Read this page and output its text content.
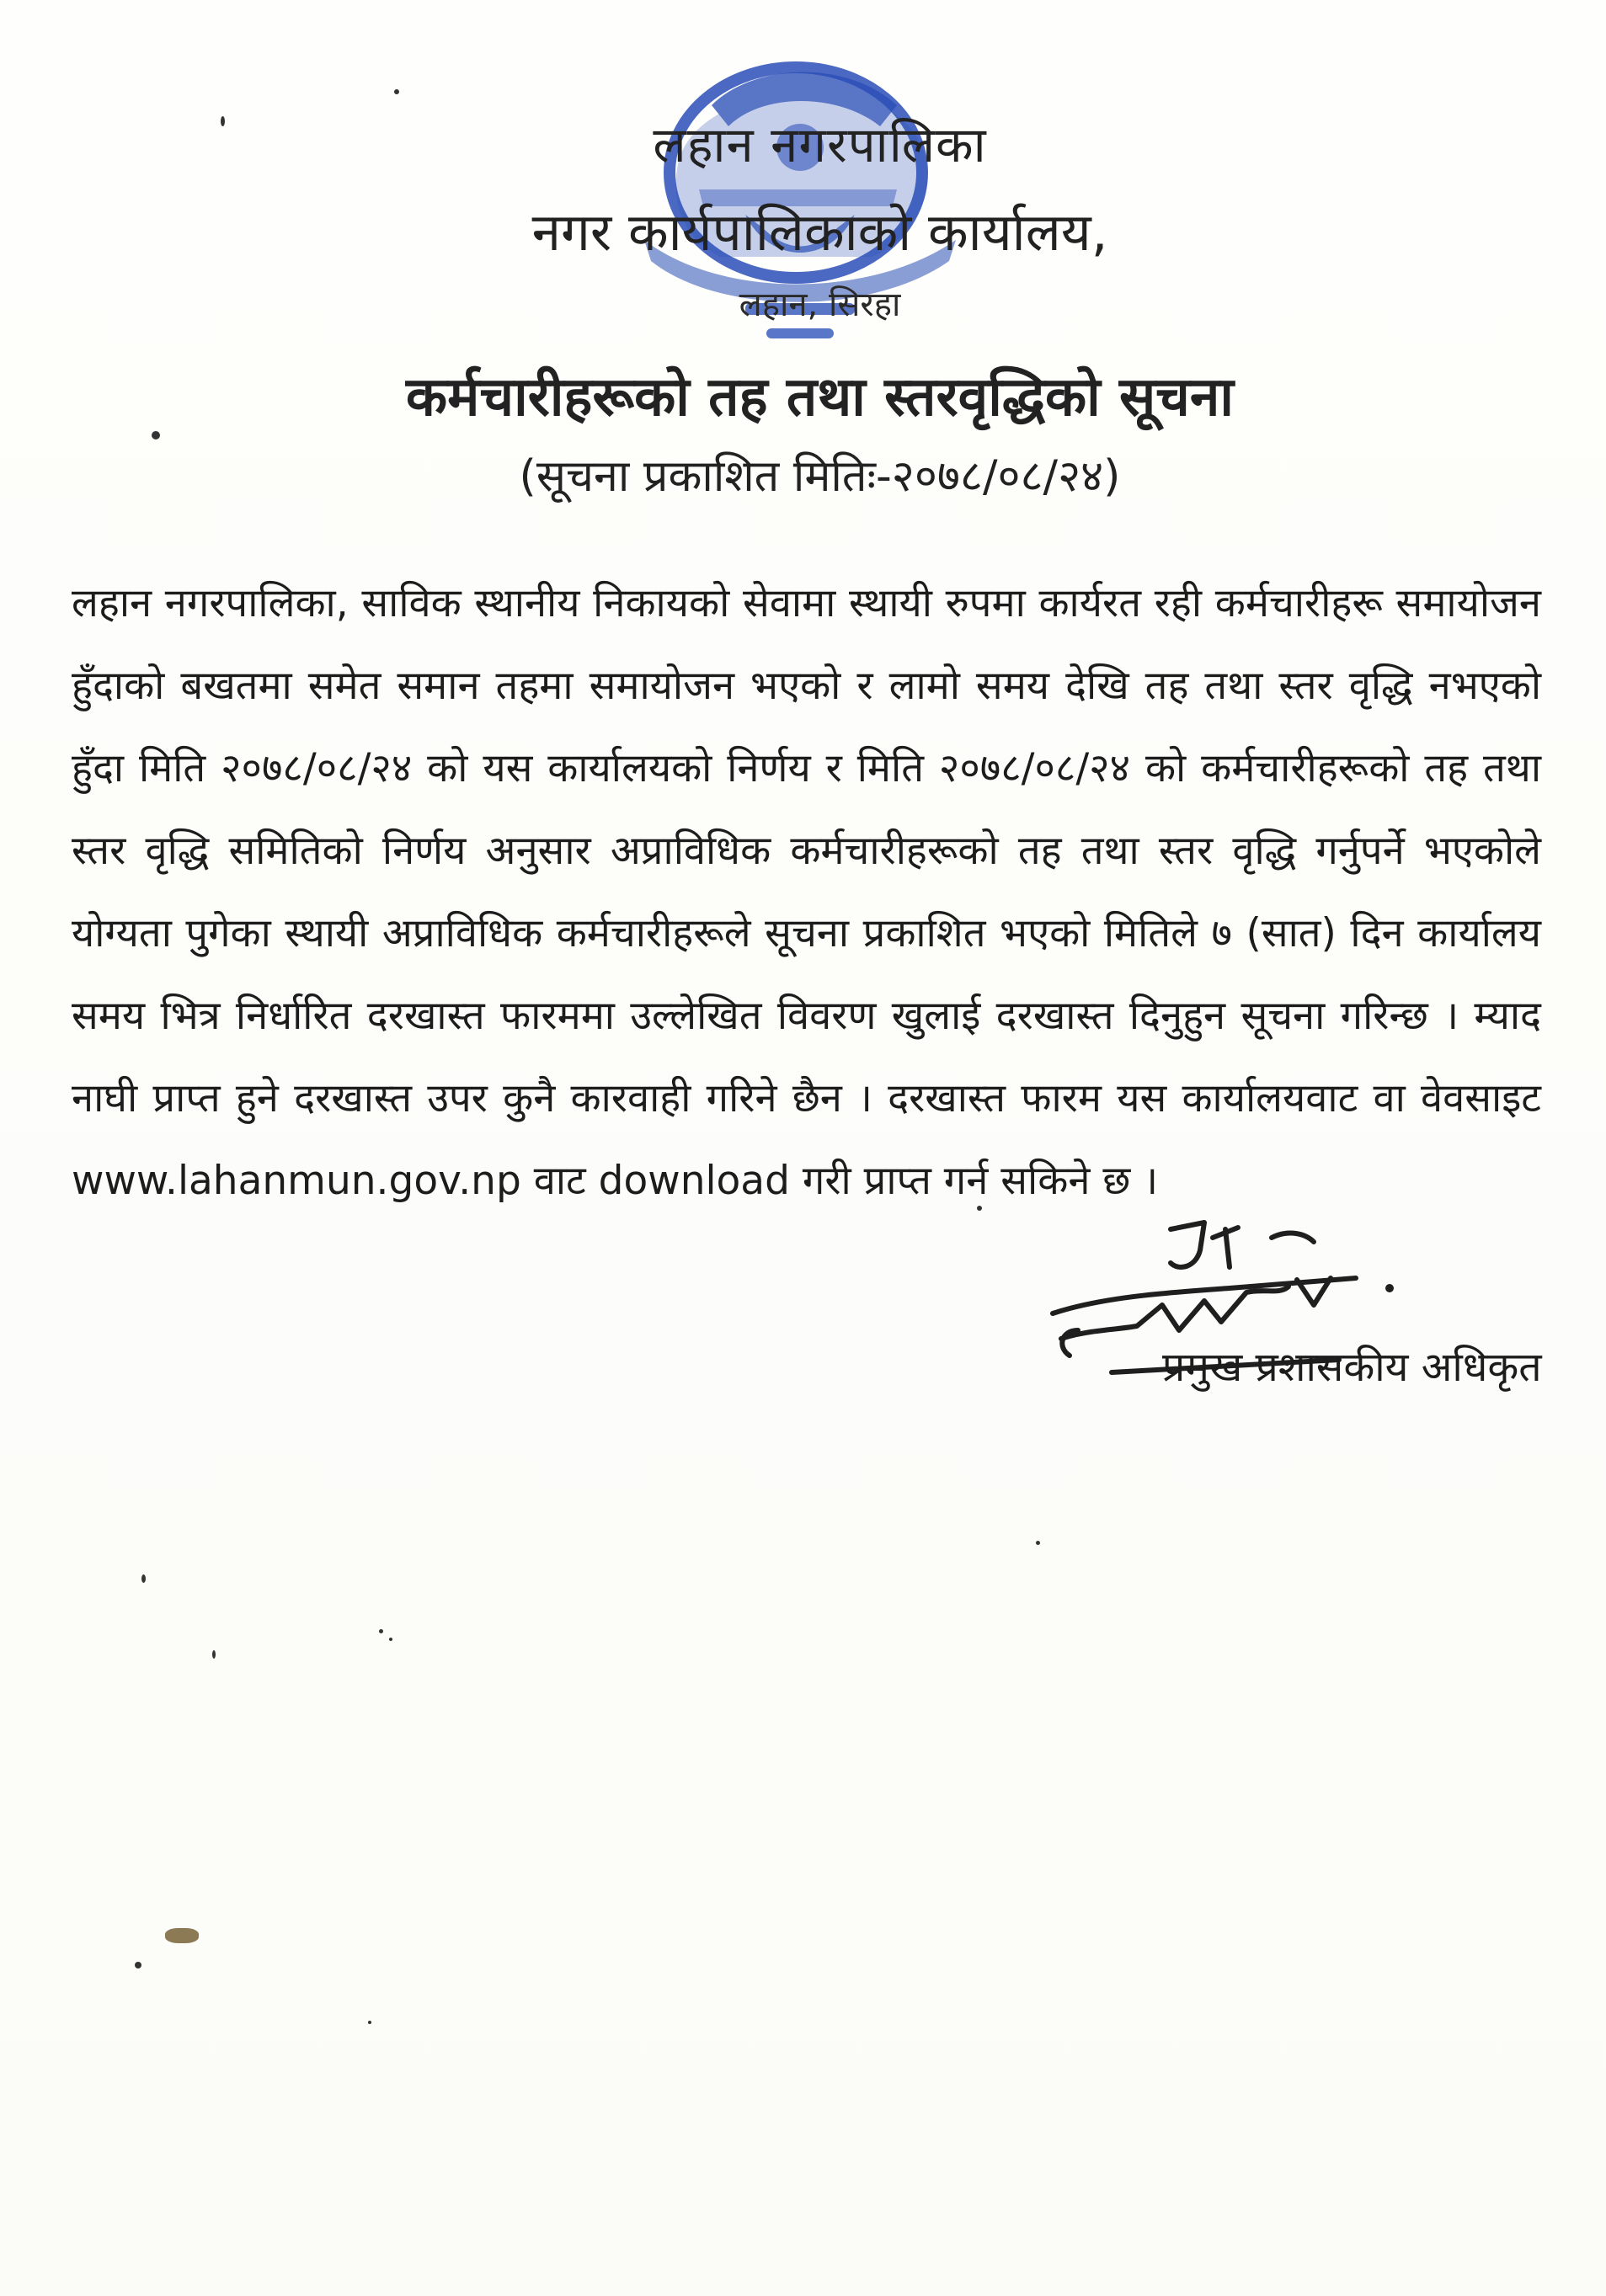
लहान नगरपालिका
नगर कार्यपालिकाको कार्यालय,
लहान, सिरहा
कर्मचारीहरूको तह तथा स्तरवृद्धिको सूचना
(सूचना प्रकाशित मितिः-२०७८/०८/२४)
लहान नगरपालिका, साविक स्थानीय निकायको सेवामा स्थायी रुपमा कार्यरत रही कर्मचारीहरू समायोजन हुँदाको बखतमा समेत समान तहमा समायोजन भएको र लामो समय देखि तह तथा स्तर वृद्धि नभएको हुँदा मिति २०७८/०८/२४ को यस कार्यालयको निर्णय र मिति २०७८/०८/२४ को कर्मचारीहरूको तह तथा स्तर वृद्धि समितिको निर्णय अनुसार अप्राविधिक कर्मचारीहरूको तह तथा स्तर वृद्धि गर्नुपर्ने भएकोले योग्यता पुगेका स्थायी अप्राविधिक कर्मचारीहरूले सूचना प्रकाशित भएको मितिले ७ (सात) दिन कार्यालय समय भित्र निर्धारित दरखास्त फारममा उल्लेखित विवरण खुलाई दरखास्त दिनुहुन सूचना गरिन्छ । म्याद नाघी प्राप्त हुने दरखास्त उपर कुनै कारवाही गरिने छैन । दरखास्त फारम यस कार्यालयवाट वा वेवसाइट www.lahanmun.gov.np वाट download गरी प्राप्त गर्न सकिने छ ।
प्रमुख प्रशासकीय अधिकृत
